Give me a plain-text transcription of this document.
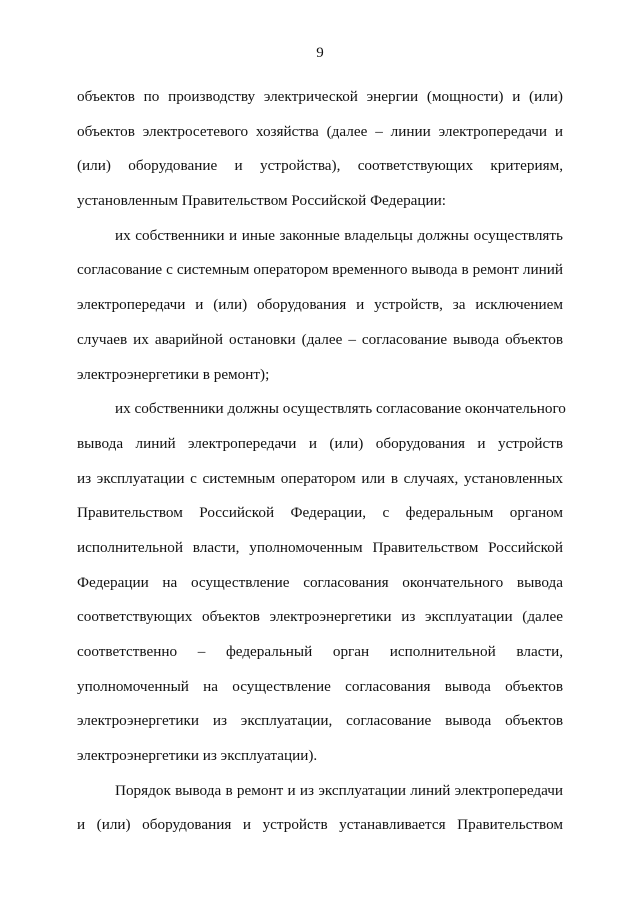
9
объектов по производству электрической энергии (мощности) и (или)
объектов электросетевого хозяйства (далее – линии электропередачи и
(или) оборудование и устройства), соответствующих критериям,
установленным Правительством Российской Федерации:
их собственники и иные законные владельцы должны осуществлять
согласование с системным оператором временного вывода в ремонт линий
электропередачи и (или) оборудования и устройств, за исключением
случаев их аварийной остановки (далее – согласование вывода объектов
электроэнергетики в ремонт);
их собственники должны осуществлять согласование окончательного
вывода линий электропередачи и (или) оборудования и устройств
из эксплуатации с системным оператором или в случаях, установленных
Правительством Российской Федерации, с федеральным органом
исполнительной власти, уполномоченным Правительством Российской
Федерации на осуществление согласования окончательного вывода
соответствующих объектов электроэнергетики из эксплуатации (далее
соответственно – федеральный орган исполнительной власти,
уполномоченный на осуществление согласования вывода объектов
электроэнергетики из эксплуатации, согласование вывода объектов
электроэнергетики из эксплуатации).
Порядок вывода в ремонт и из эксплуатации линий электропередачи
и (или) оборудования и устройств устанавливается Правительством
